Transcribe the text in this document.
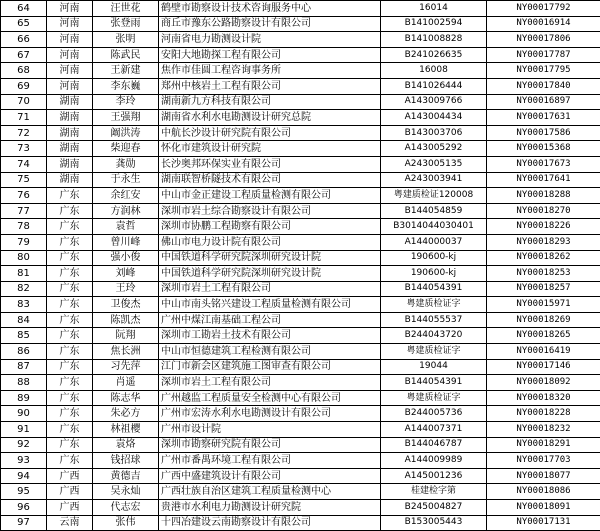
64	河南	汪世花	鹤壁市勘察设计技术咨询服务中心	16014	NY00017792
65	河南	张登雨	商丘市豫东公路勘察设计有限公司	B141002594	NY00016914
66	河南	张明	河南省电力勘测设计院	B141008828	NY00017806
67	河南	陈武民	安阳大地勘探工程有限公司	B241026635	NY00017787
68	河南	王新建	焦作市佳圆工程咨询事务所	16008	NY00017795
69	河南	李东巍	郑州中核岩土工程有限公司	B141026444	NY00017840
70	湖南	李玲	湖南新九方科技有限公司	A143009766	NY00016897
71	湖南	王强翔	湖南省水利水电勘测设计研究总院	A143004434	NY00017631
72	湖南	阚洪涛	中航长沙设计研究院有限公司	B143003706	NY00017586
73	湖南	柴迎春	怀化市建筑设计研究院	A143005292	NY00015368
74	湖南	龚勋	长沙奥邦环保实业有限公司	A243005135	NY00017673
75	湖南	于永生	湖南联智桥隧技术有限公司	A243003941	NY00017641
76	广东	余红安	中山市金正建设工程质量检测有限公司	粤建质检证120008	NY00018288
77	广东	方润林	深圳市岩土综合勘察设计有限公司	B144054859	NY00018270
78	广东	袁哲	深圳市协鹏工程勘察有限公司	B3014044030401	NY00018226
79	广东	曾川峰	佛山市电力设计院有限公司	A144000037	NY00018293
80	广东	强小俊	中国铁道科学研究院深圳研究设计院	190600-kj	NY00018262
81	广东	刘峰	中国铁道科学研究院深圳研究设计院	190600-kj	NY00018253
82	广东	王玲	深圳市岩土工程有限公司	B144054391	NY00018257
83	广东	卫俊杰	中山市南头铭兴建设工程质量检测有限公司	粤建质检证字	NY00015971
84	广东	陈凯杰	广州中煤江南基础工程公司	B144055537	NY00018269
85	广东	阮翔	深圳市工勘岩土技术有限公司	B244043720	NY00018265
86	广东	焦长洲	中山市恒德建筑工程检测有限公司	粤建质检证字	NY00016419
87	广东	习先萍	江门市新会区建筑施工图审查有限公司	19044	NY00017146
88	广东	肖遥	深圳市岩土工程有限公司	B144054391	NY00018092
89	广东	陈志华	广州越监工程质量安全检测中心有限公司	粤建质检证字	NY00018320
90	广东	朱必方	广州市宏涛水利水电勘测设计有限公司	B244005736	NY00018228
91	广东	林祖樱	广州市设计院	A144007371	NY00018232
92	广东	袁烙	深圳市勘察研究院有限公司	B144046787	NY00018291
93	广东	钱招球	广州市番禺环境工程有限公司	A144009989	NY00017703
94	广西	黄德吉	广西中盛建筑设计有限公司	A145001236	NY00018077
95	广西	吴永灿	广西壮族自治区建筑工程质量检测中心	桂建检字第	NY00018086
96	广西	代志宏	贵港市水利电力勘测设计研究院	B245004827	NY00018091
97	云南	张伟	十四冶建设云南勘察设计有限公司	B153005443	NY00017131
